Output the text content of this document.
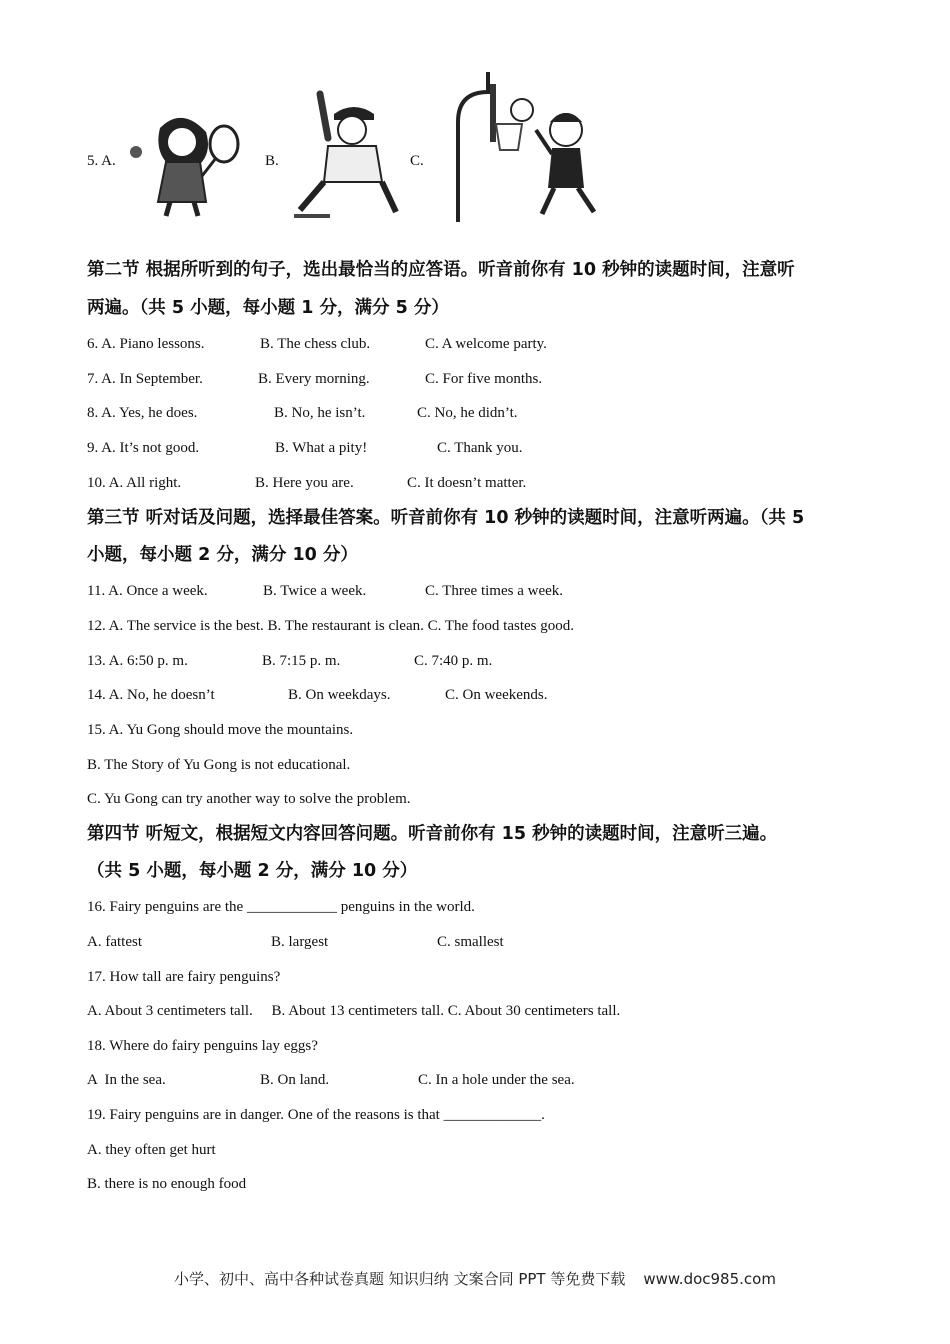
5. A.	B.	C.
第二节 根据所听到的句子，选出最恰当的应答语。听音前你有 10 秒钟的读题时间，注意听
两遍。（共 5 小题，每小题 1 分，满分 5 分）
6. A. Piano lessons.	B. The chess club.	C. A welcome party.
7. A. In September.	B. Every morning.	C. For five months.
8. A. Yes, he does.	B. No, he isn’t.	C. No, he didn’t.
9. A. It’s not good.	B. What a pity!	C. Thank you.
10. A. All right.	B. Here you are.	C. It doesn’t matter.
第三节 听对话及问题，选择最佳答案。听音前你有 10 秒钟的读题时间，注意听两遍。（共 5
小题，每小题 2 分，满分 10 分）
11. A. Once a week.	B. Twice a week.	C. Three times a week.
12. A. The service is the best. B. The restaurant is clean. C. The food tastes good.
13. A. 6:50 p. m.	B. 7:15 p. m.	C. 7:40 p. m.
14. A. No, he doesn’t	B. On weekdays.	C. On weekends.
15. A. Yu Gong should move the mountains.
B. The Story of Yu Gong is not educational.
C. Yu Gong can try another way to solve the problem.
第四节 听短文，根据短文内容回答问题。听音前你有 15 秒钟的读题时间，注意听三遍。
（共 5 小题，每小题 2 分，满分 10 分）
16. Fairy penguins are the ____________ penguins in the world.
A. fattest	B. largest	C. smallest
17. How tall are fairy penguins?
A. About 3 centimeters tall.     B. About 13 centimeters tall. C. About 30 centimeters tall.
18. Where do fairy penguins lay eggs?
A  In the sea.	B. On land.	C. In a hole under the sea.
19. Fairy penguins are in danger. One of the reasons is that _____________.
A. they often get hurt
B. there is no enough food
小学、初中、高中各种试卷真题 知识归纳 文案合同 PPT 等免费下载 www.doc985.com
